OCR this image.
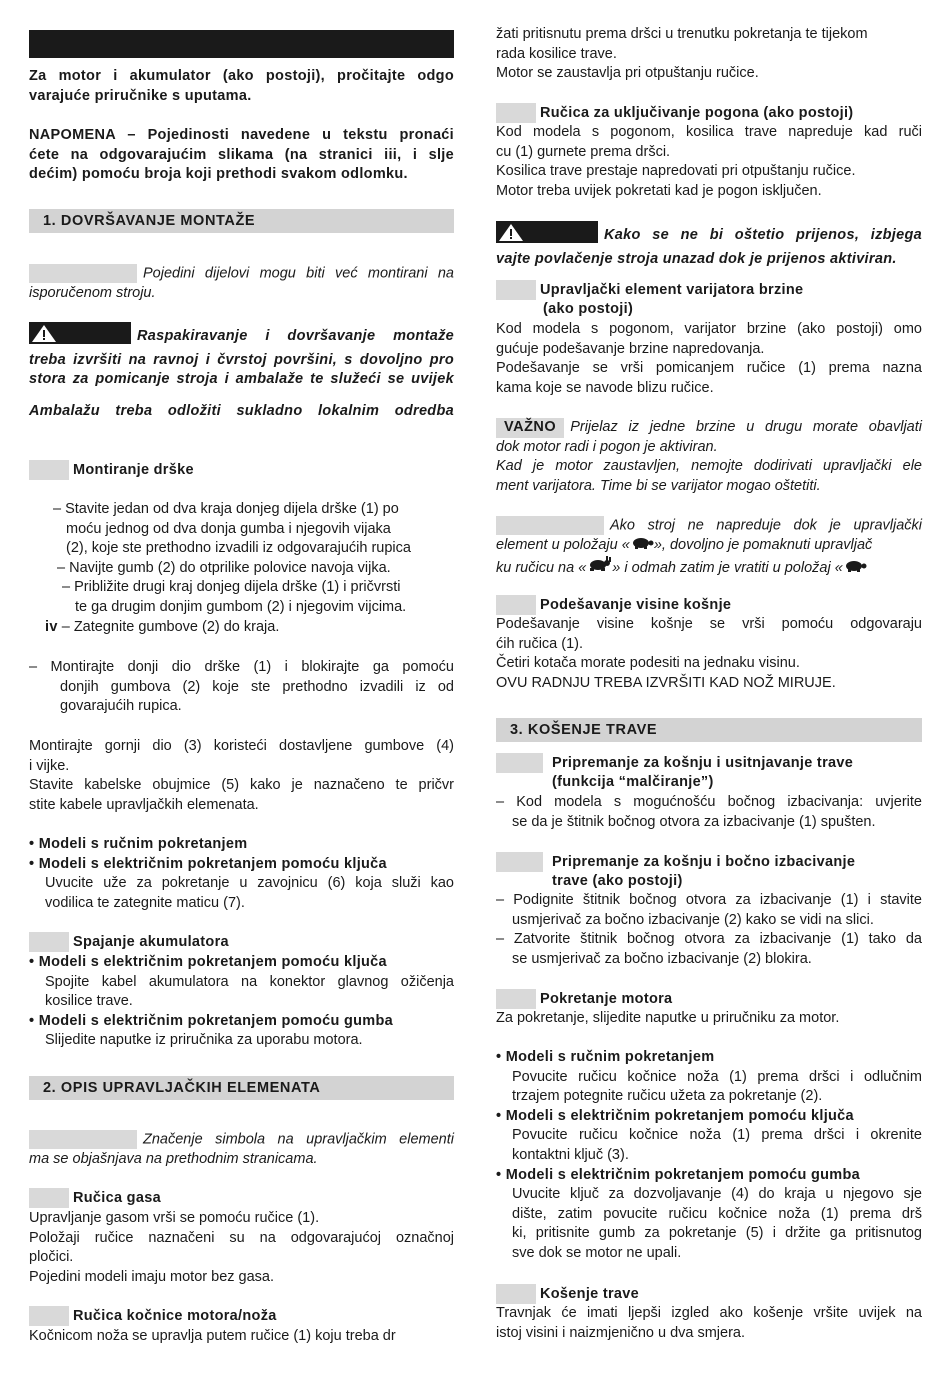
Za motor i akumulator (ako postoji), pročitajte odgo

varajuće priručnike s uputama.

NAPOMENA – Pojedinosti navedene u tekstu pronaći

ćete na odgovarajućim slikama (na stranici iii, i slje

dećim) pomoću broja koji prethodi svakom odlomku.

1. DOVRŠAVANJE MONTAŽE

Pojedini dijelovi mogu biti već montirani na

isporučenom stroju.

Raspakiravanje i dovršavanje montaže

treba izvršiti na ravnoj i čvrstoj površini, s dovoljno pro

stora za pomicanje stroja i ambalaže te služeći se uvijek

Ambalažu treba odložiti sukladno lokalnim odredba
Montiranje drške

– Stavite jedan od dva kraja donjeg dijela drške (1) po

moću jednog od dva donja gumba i njegovih vijaka

(2), koje ste prethodno izvadili iz odgovarajućih rupica

– Navijte gumb (2) do otprilike polovice navoja vijka.

– Približite drugi kraj donjeg dijela drške (1) i pričvrsti

te ga drugim donjim gumbom (2) i njegovim vijcima.

iv – Zategnite gumbove (2) do kraja.

– Montirajte donji dio drške (1) i blokirajte ga pomoću

donjih gumbova (2) koje ste prethodno izvadili iz od

govarajućih rupica.

Montirajte gornji dio (3) koristeći dostavljene gumbove (4)

i vijke.

Stavite kabelske obujmice (5) kako je naznačeno te pričvr

stite kabele upravljačkih elemenata.

• Modeli s ručnim pokretanjem

• Modeli s električnim pokretanjem pomoću ključa

Uvucite uže za pokretanje u zavojnicu (6) koja služi kao

vodilica te zategnite maticu (7).

Spajanje akumulatora

• Modeli s električnim pokretanjem pomoću ključa

Spojite kabel akumulatora na konektor glavnog ožičenja

kosilice trave.

• Modeli s električnim pokretanjem pomoću gumba

Slijedite naputke iz priručnika za uporabu motora.

2. OPIS UPRAVLJAČKIH ELEMENATA

Značenje simbola na upravljačkim elementi

ma se objašnjava na prethodnim stranicama.

Ručica gasa

Upravljanje gasom vrši se pomoću ručice (1).

Položaji ručice naznačeni su na odgovarajućoj označnoj

pločici.

Pojedini modeli imaju motor bez gasa.

Ručica kočnice motora/noža

Kočnicom noža se upravlja putem ručice (1) koju treba dr

žati pritisnutu prema dršci u trenutku pokretanja te tijekom

rada kosilice trave.

Motor se zaustavlja pri otpuštanju ručice.

Ručica za uključivanje pogona (ako postoji)

Kod modela s pogonom, kosilica trave napreduje kad ruči

cu (1) gurnete prema dršci.

Kosilica trave prestaje napredovati pri otpuštanju ručice.

Motor treba uvijek pokretati kad je pogon isključen.

Kako se ne bi oštetio prijenos, izbjega

vajte povlačenje stroja unazad dok je prijenos aktiviran.

Upravljački element varijatora brzine

(ako postoji)

Kod modela s pogonom, varijator brzine (ako postoji) omo

gućuje podešavanje brzine napredovanja.

Podešavanje se vrši pomicanjem ručice (1) prema nazna

kama koje se navode blizu ručice.

VAŽNO Prijelaz iz jedne brzine u drugu morate obavljati

dok motor radi i pogon je aktiviran.

Kad je motor zaustavljen, nemojte dodirivati upravljački ele

ment varijatora. Time bi se varijator mogao oštetiti.

Ako stroj ne napreduje dok je upravljački

element u položaju « », dovoljno je pomaknuti upravljač

ku ručicu na « » i odmah zatim je vratiti u položaj «

Podešavanje visine košnje

Podešavanje visine košnje se vrši pomoću odgovaraju

ćih ručica (1).

Četiri kotača morate podesiti na jednaku visinu.

OVU RADNJU TREBA IZVRŠITI KAD NOŽ MIRUJE.

3. KOŠENJE TRAVE

Pripremanje za košnju i usitnjavanje trave

(funkcija “malčiranje”)

– Kod modela s mogućnošću bočnog izbacivanja: uvjerite

se da je štitnik bočnog otvora za izbacivanje (1) spušten.

Pripremanje za košnju i bočno izbacivanje

trave (ako postoji)

– Podignite štitnik bočnog otvora za izbacivanje (1) i stavite

usmjerivač za bočno izbacivanje (2) kako se vidi na slici.

– Zatvorite štitnik bočnog otvora za izbacivanje (1) tako da

se usmjerivač za bočno izbacivanje (2) blokira.

Pokretanje motora

Za pokretanje, slijedite naputke u priručniku za motor.

• Modeli s ručnim pokretanjem

Povucite ručicu kočnice noža (1) prema dršci i odlučnim

trzajem potegnite ručicu užeta za pokretanje (2).

• Modeli s električnim pokretanjem pomoću ključa

Povucite ručicu kočnice noža (1) prema dršci i okrenite

kontaktni ključ (3).

• Modeli s električnim pokretanjem pomoću gumba

Uvucite ključ za dozvoljavanje (4) do kraja u njegovo sje

dište, zatim povucite ručicu kočnice noža (1) prema drš

ki, pritisnite gumb za pokretanje (5) i držite ga pritisnutog

sve dok se motor ne upali.

Košenje trave

Travnjak će imati ljepši izgled ako košenje vršite uvijek na

istoj visini i naizmjenično u dva smjera.
